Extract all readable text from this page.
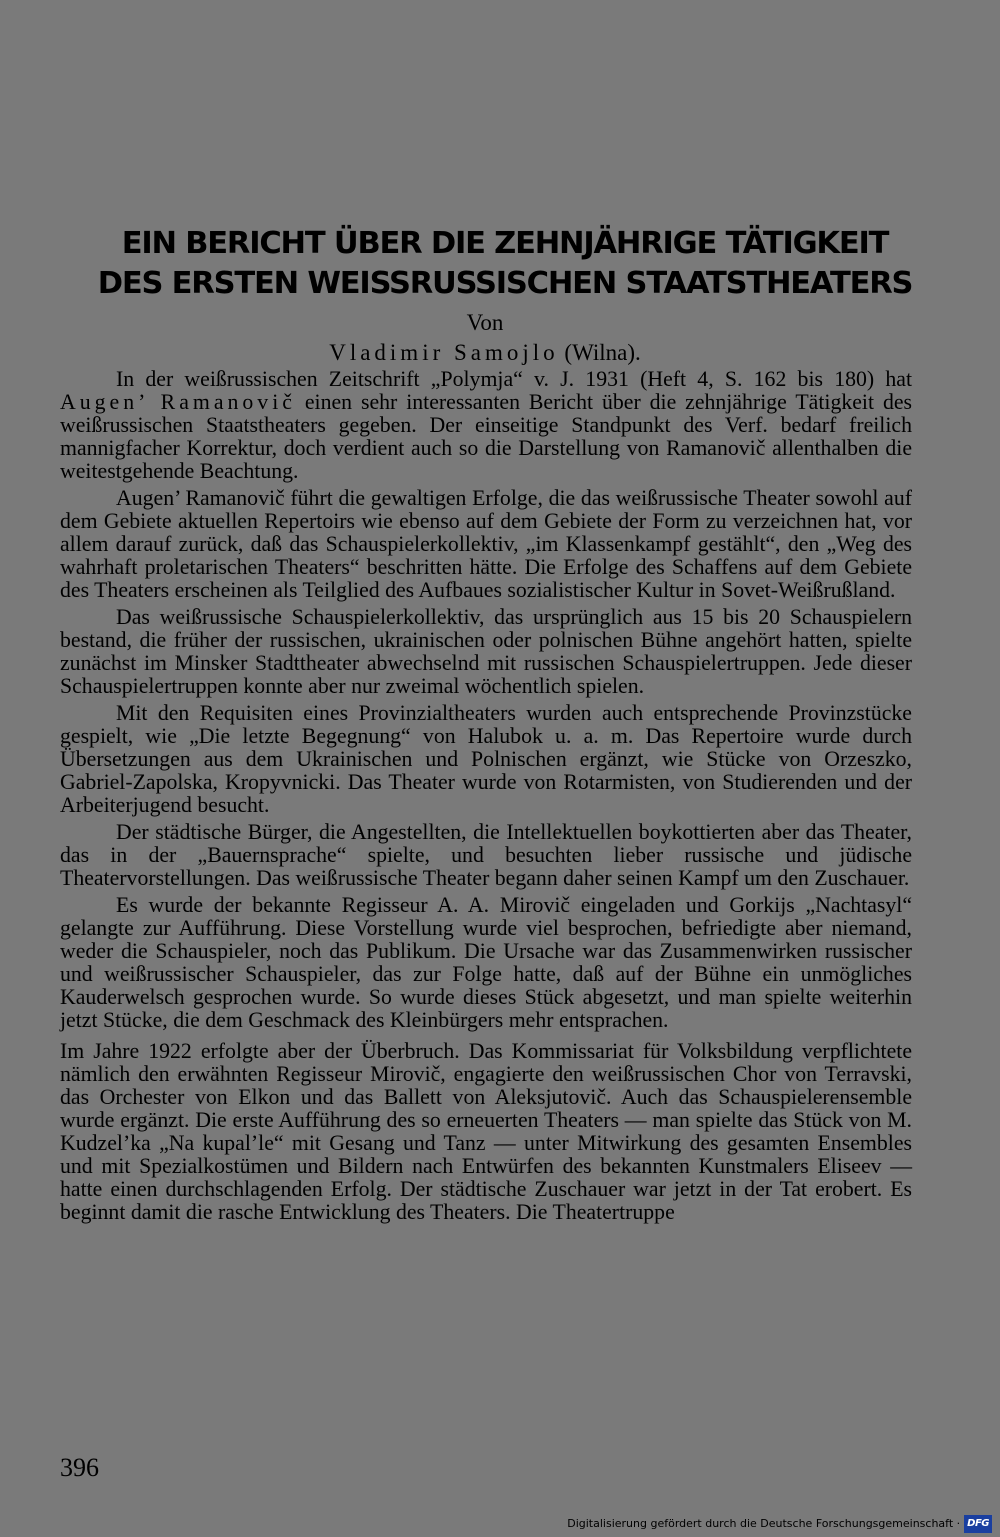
EIN BERICHT ÜBER DIE ZEHNJÄHRIGE TÄTIGKEIT
DES ERSTEN WEISSRUSSISCHEN STAATSTHEATERS
Von
Vladimir Samojlo (Wilna).

In der weißrussischen Zeitschrift „Polymja“ v. J. 1931 (Heft 4, S. 162 bis 180) hat Augen’ Ramanovič einen sehr interessanten Bericht über die zehnjährige Tätigkeit des weißrussischen Staatstheaters gegeben. Der einseitige Standpunkt des Verf. bedarf freilich mannigfacher Korrektur, doch verdient auch so die Darstellung von Ramanovič allenthalben die weitestgehende Beachtung.

Augen’ Ramanovič führt die gewaltigen Erfolge, die das weißrussische Theater sowohl auf dem Gebiete aktuellen Repertoirs wie ebenso auf dem Gebiete der Form zu verzeichnen hat, vor allem darauf zurück, daß das Schauspielerkollektiv, „im Klassenkampf gestählt“, den „Weg des wahrhaft proletarischen Theaters“ beschritten hätte. Die Erfolge des Schaffens auf dem Gebiete des Theaters erscheinen als Teilglied des Aufbaues sozialistischer Kultur in Sovet-Weißrußland.

Das weißrussische Schauspielerkollektiv, das ursprünglich aus 15 bis 20 Schauspielern bestand, die früher der russischen, ukrainischen oder polnischen Bühne angehört hatten, spielte zunächst im Minsker Stadttheater abwechselnd mit russischen Schauspielertruppen. Jede dieser Schauspielertruppen konnte aber nur zweimal wöchentlich spielen.

Mit den Requisiten eines Provinzialtheaters wurden auch entsprechende Provinzstücke gespielt, wie „Die letzte Begegnung“ von Halubok u. a. m. Das Repertoire wurde durch Übersetzungen aus dem Ukrainischen und Polnischen ergänzt, wie Stücke von Orzeszko, Gabriel-Zapolska, Kropyvnicki. Das Theater wurde von Rotarmisten, von Studierenden und der Arbeiterjugend besucht.

Der städtische Bürger, die Angestellten, die Intellektuellen boykottierten aber das Theater, das in der „Bauernsprache“ spielte, und besuchten lieber russische und jüdische Theatervorstellungen. Das weißrussische Theater begann daher seinen Kampf um den Zuschauer.

Es wurde der bekannte Regisseur A. A. Mirovič eingeladen und Gorkijs „Nachtasyl“ gelangte zur Aufführung. Diese Vorstellung wurde viel besprochen, befriedigte aber niemand, weder die Schauspieler, noch das Publikum. Die Ursache war das Zusammenwirken russischer und weißrussischer Schauspieler, das zur Folge hatte, daß auf der Bühne ein unmögliches Kauderwelsch gesprochen wurde. So wurde dieses Stück abgesetzt, und man spielte weiterhin jetzt Stücke, die dem Geschmack des Kleinbürgers mehr entsprachen.

Im Jahre 1922 erfolgte aber der Überbruch. Das Kommissariat für Volksbildung verpflichtete nämlich den erwähnten Regisseur Mirovič, engagierte den weißrussischen Chor von Terravski, das Orchester von Elkon und das Ballett von Aleksjutovič. Auch das Schauspielerensemble wurde ergänzt. Die erste Aufführung des so erneuerten Theaters — man spielte das Stück von M. Kudzel’ka „Na kupal’le“ mit Gesang und Tanz — unter Mitwirkung des gesamten Ensembles und mit Spezialkostümen und Bildern nach Entwürfen des bekannten Kunstmalers Eliseev — hatte einen durchschlagenden Erfolg. Der städtische Zuschauer war jetzt in der Tat erobert. Es beginnt damit die rasche Entwicklung des Theaters. Die Theatertruppe

396
Digitalisierung gefördert durch die Deutsche Forschungsgemeinschaft · DFG
